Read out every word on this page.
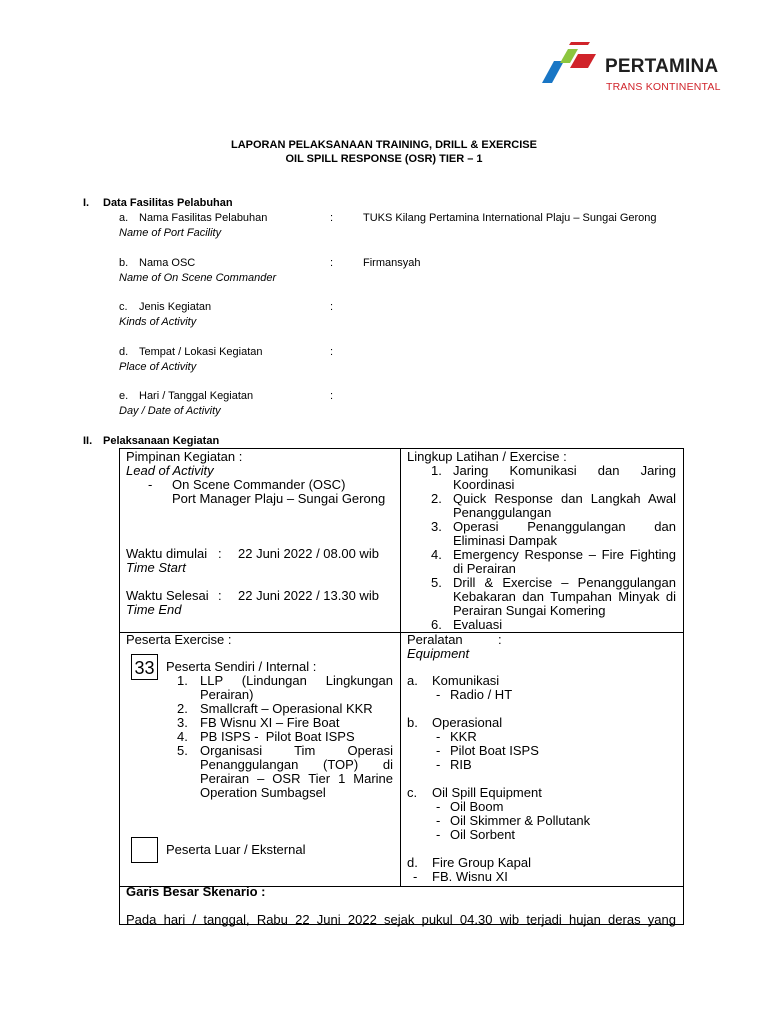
PERTAMINA
TRANS KONTINENTAL
LAPORAN PELAKSANAAN TRAINING, DRILL & EXERCISE
OIL SPILL RESPONSE (OSR) TIER – 1
I. Data Fasilitas Pelabuhan
a. Nama Fasilitas Pelabuhan
Name of Port Facility
:	TUKS Kilang Pertamina International Plaju – Sungai Gerong
b. Nama OSC
Name of On Scene Commander
:	Firmansyah
c. Jenis Kegiatan
Kinds of Activity
:
d. Tempat / Lokasi Kegiatan
Place of Activity
:
e. Hari / Tanggal Kegiatan
Day / Date of Activity
:
II. Pelaksanaan Kegiatan
Pimpinan Kegiatan :
Lead of Activity
- On Scene Commander (OSC)
Port Manager Plaju – Sungai Gerong
Waktu dimulai : 22 Juni 2022 / 08.00 wib
Time Start
Waktu Selesai : 22 Juni 2022 / 13.30 wib
Time End
Lingkup Latihan / Exercise :
1. Jaring Komunikasi dan Jaring Koordinasi
2. Quick Response dan Langkah Awal Penanggulangan
3. Operasi Penanggulangan dan Eliminasi Dampak
4. Emergency Response – Fire Fighting di Perairan
5. Drill & Exercise – Penanggulangan Kebakaran dan Tumpahan Minyak di Perairan Sungai Komering
6. Evaluasi
Peserta Exercise :
33 Peserta Sendiri / Internal :
1. LLP (Lindungan Lingkungan Perairan)
2. Smallcraft – Operasional KKR
3. FB Wisnu XI – Fire Boat
4. PB ISPS -  Pilot Boat ISPS
5. Organisasi Tim Operasi Penanggulangan (TOP) di Perairan – OSR Tier 1 Marine Operation Sumbagsel
Peserta Luar / Eksternal
Peralatan	:
Equipment
a. Komunikasi
- Radio / HT
b. Operasional
- KKR
- Pilot Boat ISPS
- RIB
c. Oil Spill Equipment
- Oil Boom
- Oil Skimmer & Pollutank
- Oil Sorbent
d. Fire Group Kapal
- FB. Wisnu XI
Garis Besar Skenario :
Pada hari / tanggal, Rabu 22 Juni 2022 sejak pukul 04.30 wib terjadi hujan deras yang
